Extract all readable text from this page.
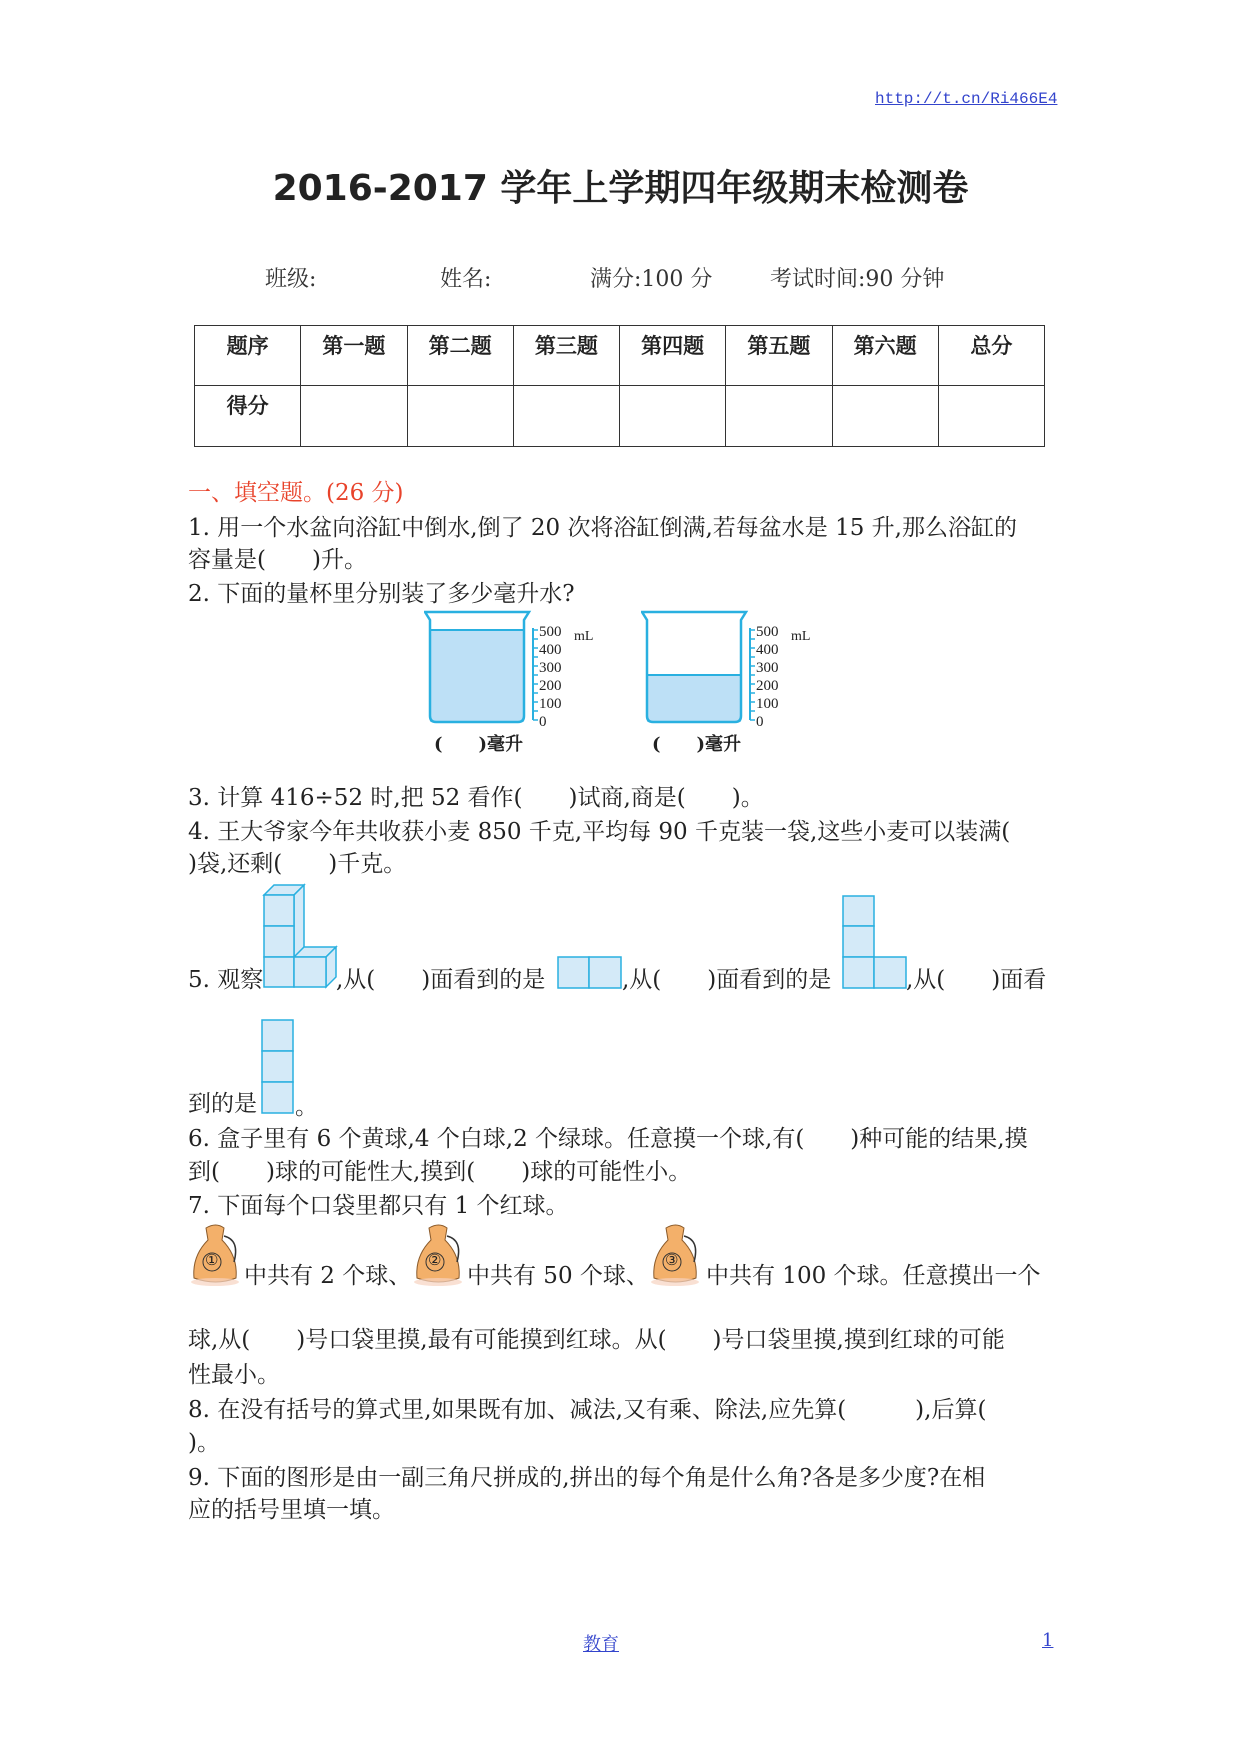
http://t.cn/Ri466E4
2016-2017 学年上学期四年级期末检测卷
班级:	姓名:	满分:100 分	考试时间:90 分钟
题序	第一题	第二题	第三题	第四题	第五题	第六题	总分
得分							
一、填空题。(26 分)
1. 用一个水盆向浴缸中倒水,倒了 20 次将浴缸倒满,若每盆水是 15 升,那么浴缸的
容量是(　　)升。
2. 下面的量杯里分别装了多少毫升水?
500
400
300
200
100
0
mL	500
400
300
200
100
0
mL
(　　)毫升	(　　)毫升
3. 计算 416÷52 时,把 52 看作(　　)试商,商是(　　)。
4. 王大爷家今年共收获小麦 850 千克,平均每 90 千克装一袋,这些小麦可以装满(
)袋,还剩(　　)千克。
5. 观察	,从(　　)面看到的是	,从(　　)面看到的是	,从(　　)面看
到的是 。
6. 盒子里有 6 个黄球,4 个白球,2 个绿球。任意摸一个球,有(　　)种可能的结果,摸
到(　　)球的可能性大,摸到(　　)球的可能性小。
7. 下面每个口袋里都只有 1 个红球。
①
中共有 2 个球、
②
中共有 50 个球、
③
中共有 100 个球。任意摸出一个
球,从(　　)号口袋里摸,最有可能摸到红球。从(　　)号口袋里摸,摸到红球的可能
性最小。
8. 在没有括号的算式里,如果既有加、减法,又有乘、除法,应先算(　　　),后算(
)。
9. 下面的图形是由一副三角尺拼成的,拼出的每个角是什么角?各是多少度?在相
应的括号里填一填。
教育	1
